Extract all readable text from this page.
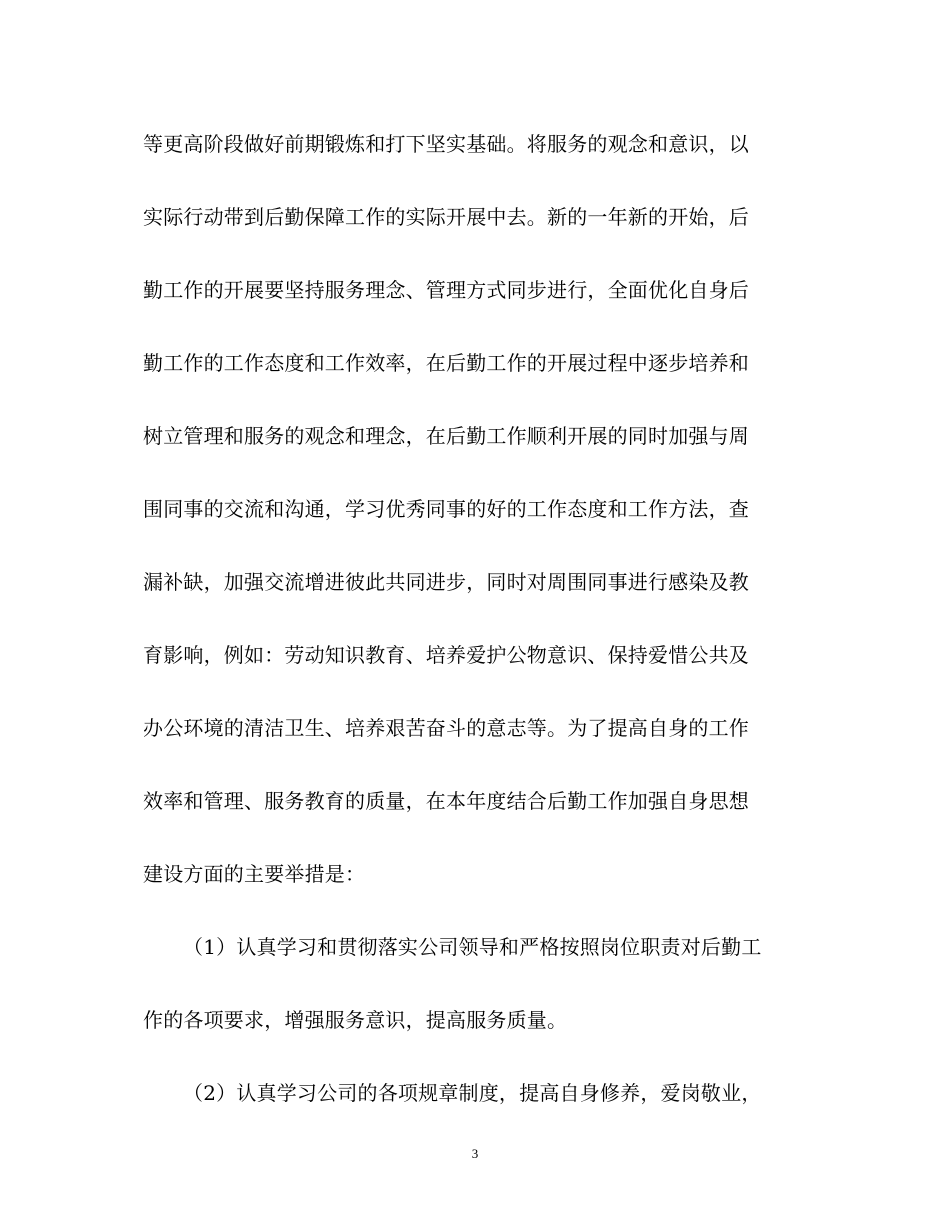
等更高阶段做好前期锻炼和打下坚实基础。将服务的观念和意识，以
实际行动带到后勤保障工作的实际开展中去。新的一年新的开始，后
勤工作的开展要坚持服务理念、管理方式同步进行，全面优化自身后
勤工作的工作态度和工作效率，在后勤工作的开展过程中逐步培养和
树立管理和服务的观念和理念，在后勤工作顺利开展的同时加强与周
围同事的交流和沟通，学习优秀同事的好的工作态度和工作方法，查
漏补缺，加强交流增进彼此共同进步，同时对周围同事进行感染及教
育影响，例如：劳动知识教育、培养爱护公物意识、保持爱惜公共及
办公环境的清洁卫生、培养艰苦奋斗的意志等。为了提高自身的工作
效率和管理、服务教育的质量，在本年度结合后勤工作加强自身思想
建设方面的主要举措是：
（1）认真学习和贯彻落实公司领导和严格按照岗位职责对后勤工
作的各项要求，增强服务意识，提高服务质量。
（2）认真学习公司的各项规章制度，提高自身修养，爱岗敬业，
3
